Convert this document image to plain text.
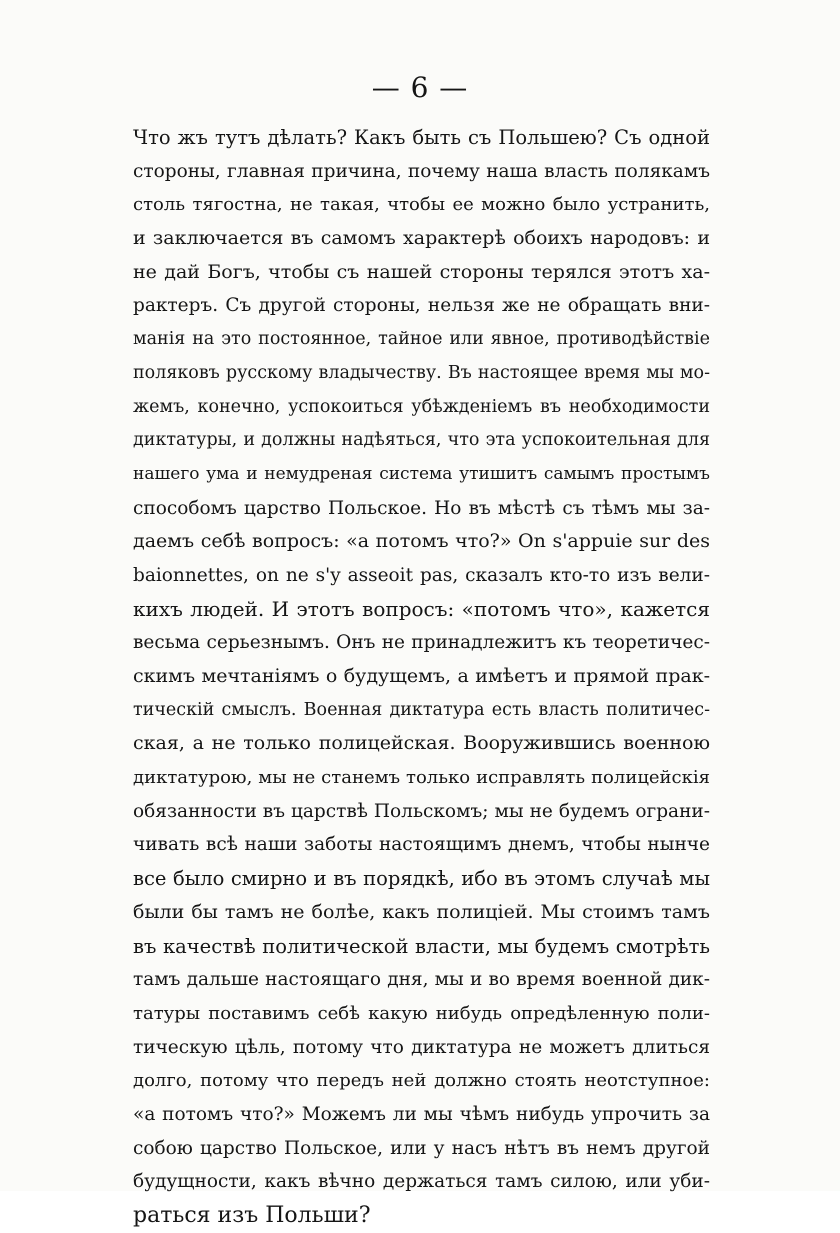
— 6 —
Что жъ тутъ дѣлать? Какъ быть съ Польшею? Съ одной
стороны, главная причина, почему наша власть полякамъ
столь тягостна, не такая, чтобы ее можно было устранить,
и заключается въ самомъ характерѣ обоихъ народовъ: и
не дай Богъ, чтобы съ нашей стороны терялся этотъ ха-
рактеръ. Съ другой стороны, нельзя же не обращать вни-
манія на это постоянное, тайное или явное, противодѣйствіе
поляковъ русскому владычеству. Въ настоящее время мы мо-
жемъ, конечно, успокоиться убѣжденіемъ въ необходимости
диктатуры, и должны надѣяться, что эта успокоительная для
нашего ума и немудреная система утишитъ самымъ простымъ
способомъ царство Польское. Но въ мѣстѣ съ тѣмъ мы за-
даемъ себѣ вопросъ: «а потомъ что?» On s'appuie sur des
baionnettes, on ne s'y asseoit pas, сказалъ кто-то изъ вели-
кихъ людей. И этотъ вопросъ: «потомъ что», кажется
весьма серьезнымъ. Онъ не принадлежитъ къ теоретичес-
скимъ мечтаніямъ о будущемъ, а имѣетъ и прямой прак-
тическій смыслъ. Военная диктатура есть власть политичес-
ская, а не только полицейская. Вооружившись военною
диктатурою, мы не станемъ только исправлять полицейскія
обязанности въ царствѣ Польскомъ; мы не будемъ ограни-
чивать всѣ наши заботы настоящимъ днемъ, чтобы нынче
все было смирно и въ порядкѣ, ибо въ этомъ случаѣ мы
были бы тамъ не болѣе, какъ полиціей. Мы стоимъ тамъ
въ качествѣ политической власти, мы будемъ смотрѣть
тамъ дальше настоящаго дня, мы и во время военной дик-
татуры поставимъ себѣ какую нибудь опредѣленную поли-
тическую цѣль, потому что диктатура не можетъ длиться
долго, потому что передъ ней должно стоять неотступное:
«а потомъ что?» Можемъ ли мы чѣмъ нибудь упрочить за
собою царство Польское, или у насъ нѣтъ въ немъ другой
будущности, какъ вѣчно держаться тамъ силою, или уби-
раться изъ Польши?
